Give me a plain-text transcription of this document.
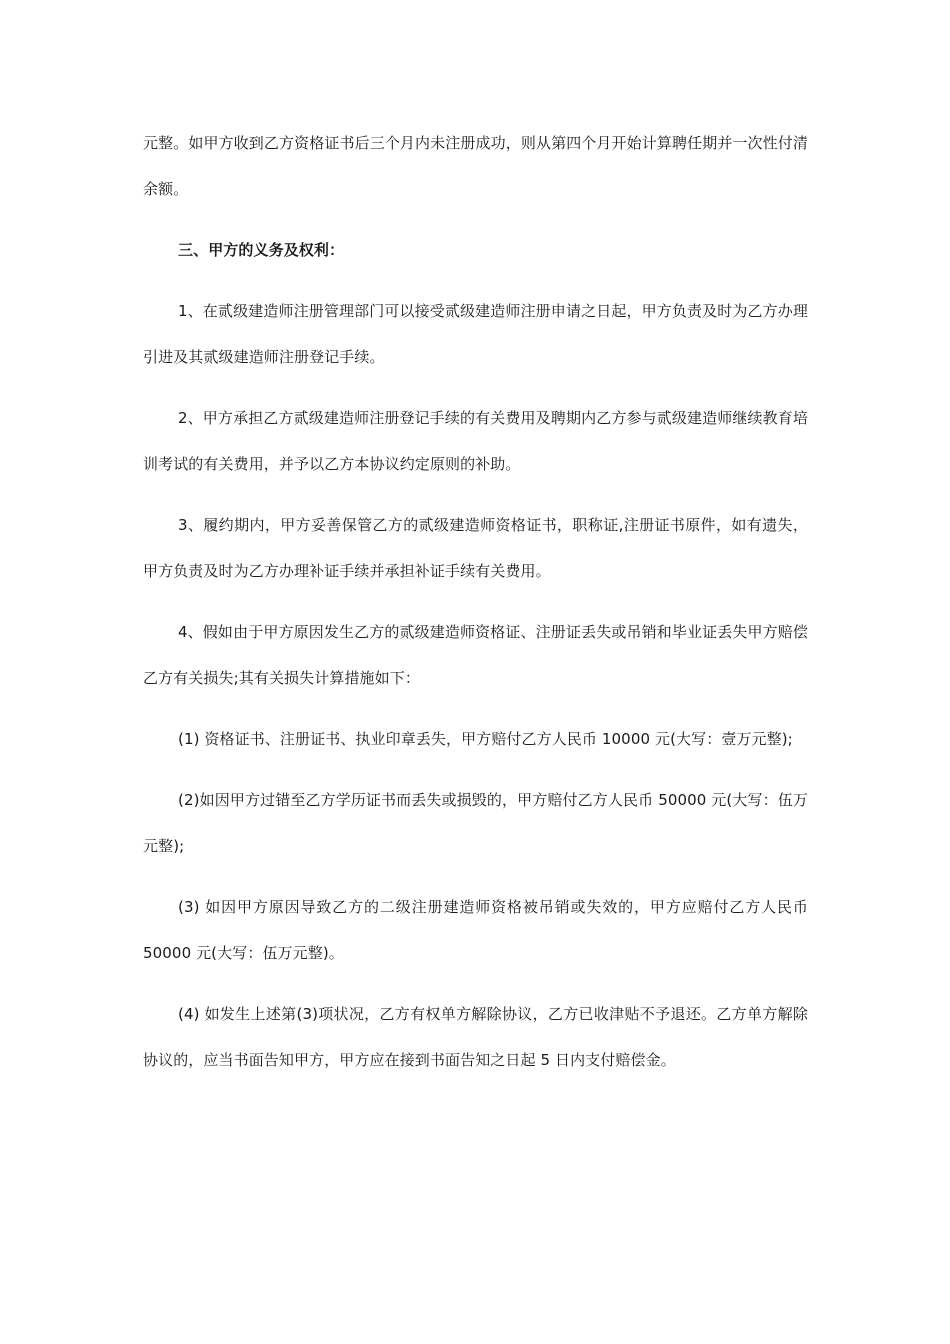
元整。如甲方收到乙方资格证书后三个月内未注册成功，则从第四个月开始计算聘任期并一次性付清余额。

三、甲方的义务及权利：

1、在贰级建造师注册管理部门可以接受贰级建造师注册申请之日起，甲方负责及时为乙方办理引进及其贰级建造师注册登记手续。

2、甲方承担乙方贰级建造师注册登记手续的有关费用及聘期内乙方参与贰级建造师继续教育培训考试的有关费用，并予以乙方本协议约定原则的补助。

3、履约期内，甲方妥善保管乙方的贰级建造师资格证书，职称证,注册证书原件，如有遗失，甲方负责及时为乙方办理补证手续并承担补证手续有关费用。

4、假如由于甲方原因发生乙方的贰级建造师资格证、注册证丢失或吊销和毕业证丢失甲方赔偿乙方有关损失;其有关损失计算措施如下：

(1) 资格证书、注册证书、执业印章丢失，甲方赔付乙方人民币 10000 元(大写：壹万元整);

(2)如因甲方过错至乙方学历证书而丢失或损毁的，甲方赔付乙方人民币 50000 元(大写：伍万元整);

(3) 如因甲方原因导致乙方的二级注册建造师资格被吊销或失效的，甲方应赔付乙方人民币 50000 元(大写：伍万元整)。

(4) 如发生上述第(3)项状况，乙方有权单方解除协议，乙方已收津贴不予退还。乙方单方解除协议的，应当书面告知甲方，甲方应在接到书面告知之日起 5 日内支付赔偿金。
